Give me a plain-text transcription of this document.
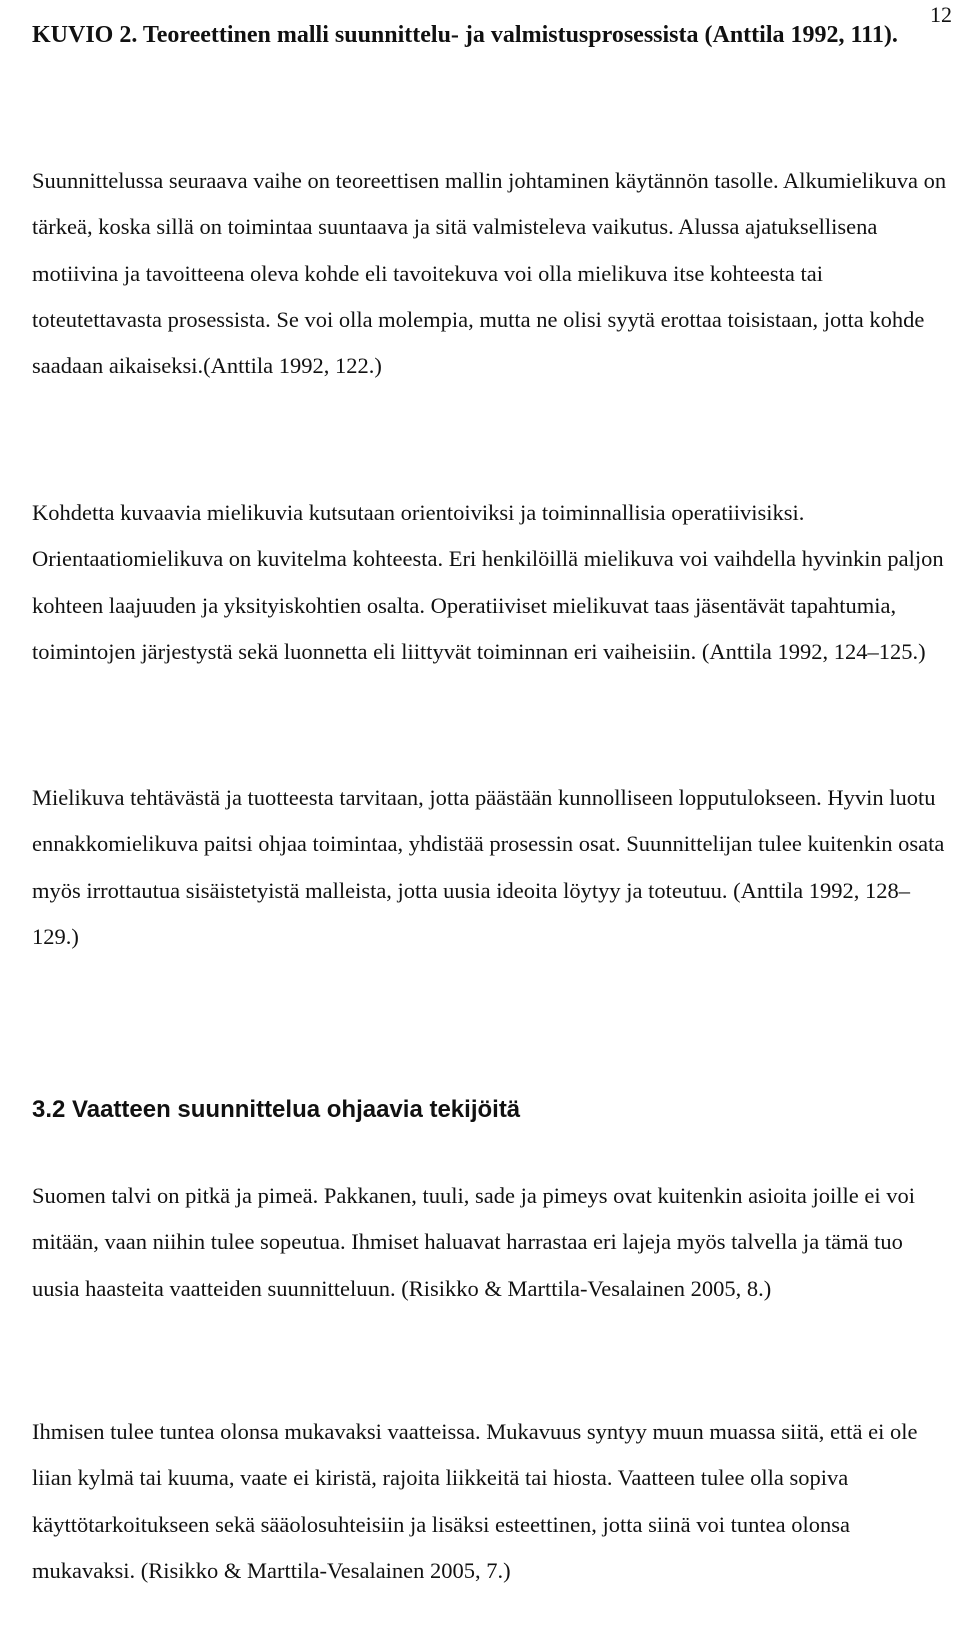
12

KUVIO 2. Teoreettinen malli suunnittelu- ja valmistusprosessista (Anttila 1992, 111).

Suunnittelussa seuraava vaihe on teoreettisen mallin johtaminen käytännön tasolle. Alkumielikuva on tärkeä, koska sillä on toimintaa suuntaava ja sitä valmisteleva vaikutus. Alussa ajatuksellisena motiivina ja tavoitteena oleva kohde eli tavoitekuva voi olla mielikuva itse kohteesta tai toteutettavasta prosessista. Se voi olla molempia, mutta ne olisi syytä erottaa toisistaan, jotta kohde saadaan aikaiseksi.(Anttila 1992, 122.)

Kohdetta kuvaavia mielikuvia kutsutaan orientoiviksi ja toiminnallisia operatiivisiksi. Orientaatiomielikuva on kuvitelma kohteesta. Eri henkilöillä mielikuva voi vaihdella hyvinkin paljon kohteen laajuuden ja yksityiskohtien osalta. Operatiiviset mielikuvat taas jäsentävät tapahtumia, toimintojen järjestystä sekä luonnetta eli liittyvät toiminnan eri vaiheisiin. (Anttila 1992, 124–125.)

Mielikuva tehtävästä ja tuotteesta tarvitaan, jotta päästään kunnolliseen lopputulokseen. Hyvin luotu ennakkomielikuva paitsi ohjaa toimintaa, yhdistää prosessin osat. Suunnittelijan tulee kuitenkin osata myös irrottautua sisäistetyistä malleista, jotta uusia ideoita löytyy ja toteutuu. (Anttila 1992, 128–129.)

3.2 Vaatteen suunnittelua ohjaavia tekijöitä

Suomen talvi on pitkä ja pimeä. Pakkanen, tuuli, sade ja pimeys ovat kuitenkin asioita joille ei voi mitään, vaan niihin tulee sopeutua. Ihmiset haluavat harrastaa eri lajeja myös talvella ja tämä tuo uusia haasteita vaatteiden suunnitteluun. (Risikko & Marttila-Vesalainen 2005, 8.)

Ihmisen tulee tuntea olonsa mukavaksi vaatteissa. Mukavuus syntyy muun muassa siitä, että ei ole liian kylmä tai kuuma, vaate ei kiristä, rajoita liikkeitä tai hiosta. Vaatteen tulee olla sopiva käyttötarkoitukseen sekä sääolosuhteisiin ja lisäksi esteettinen, jotta siinä voi tuntea olonsa mukavaksi. (Risikko & Marttila-Vesalainen 2005, 7.)
